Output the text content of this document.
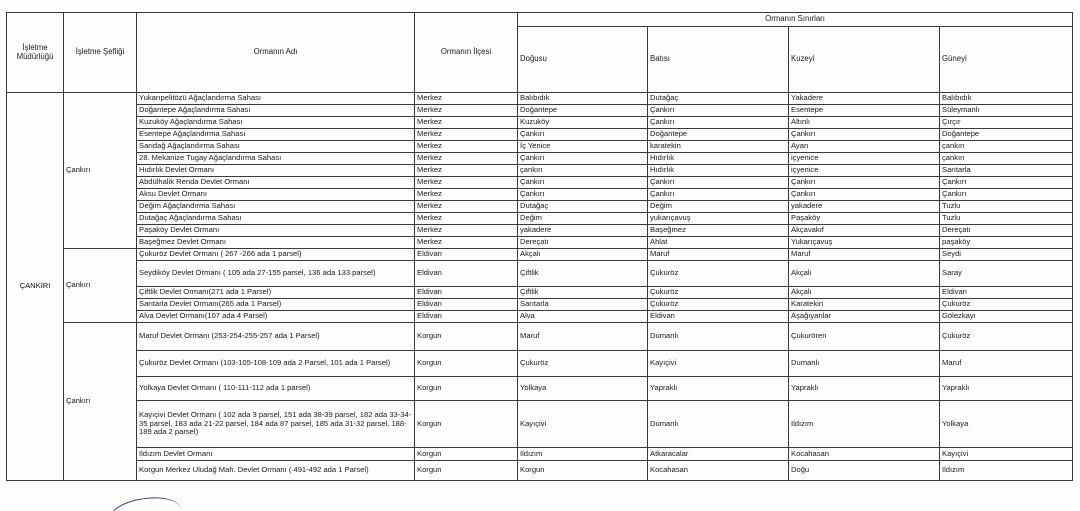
İşletme Müdürlüğü	İşletme Şefliği	Ormanın Adı	Ormanın İlçesi	Ormanın Sınırları			
				Doğusu	Batısı	Kuzeyi	Güneyi
ÇANKIRI	Çankırı	Yukarıpelitözü Ağaçlandırma Sahası	Merkez	Balıbıdık	Dutağaç	Yakadere	Balıbıdık
		Doğantepe Ağaçlandırma Sahası	Merkez	Doğantepe	Çankırı	Esentepe	Süleymanlı
		Kuzuköy Ağaçlandırma Sahası	Merkez	Kuzuköy	Çankırı	Altınlı	Çırçır
		Esentepe Ağaçlandırma Sahası	Merkez	Çankırı	Doğantepe	Çankırı	Doğantepe
		Sarıdağ Ağaçlandırma Sahası	Merkez	İç Yenice	karatekin	Ayan	çankırı
		28. Mekanize Tugay Ağaçlandırma Sahası	Merkez	Çankırı	Hıdırlık	içyenice	çankırı
		Hıdırlık Devlet Ormanı	Merkez	çankırı	Hıdırlık	içyenice	Sarıtarla
		Abdülhalik Renda Devlet Ormanı	Merkez	Çankırı	Çankırı	Çankırı	Çankırı
		Aksu Devlet Ormanı	Merkez	Çankırı	Çankırı	Çankırı	Çankırı
		Değim Ağaçlandırma Sahası	Merkez	Dutağaç	Değim	yakadere	Tuzlu
		Dutağaç Ağaçlandırma Sahası	Merkez	Değim	yukarıçavuş	Paşaköy	Tuzlu
		Paşaköy Devlet Ormanı	Merkez	yakadere	Başeğmez	Akçavakıf	Dereçatı
		Başeğmez Devlet Ormanı	Merkez	Dereçatı	Ahlat	Yukarıçavuş	paşaköy
	Çankırı	Çukuröz Devlet Ormanı ( 267 -266 ada 1 parsel)	Eldivan	Akçalı	Maruf	Maruf	Seydi
		Seydiköy Devlet Ormanı ( 105 ada 27-155 parsel, 136 ada 133 parsel)	Eldivan	Çiftlik	Çukuröz	Akçalı	Saray
		Çiftlik Devlet Ormanı(271 ada 1 Parsel)	Eldivan	Çiftlik	Çukuröz	Akçalı	Eldivan
		Sarıtarla Devlet Ormanı(265 ada 1 Parsel)	Eldivan	Sarıtarla	Çukuröz	Karatekin	Çukuröz
		Alva Devlet Ormanı(107 ada 4 Parsel)	Eldivan	Alva	Eldivan	Aşağıyanlar	Gölezkayı
	Çankırı	Maruf Devlet Ormanı (253-254-255-257 ada 1 Parsel)	Korgun	Maruf	Dumanlı	Çukurören	Çukuröz
		Çukuröz Devlet Ormanı (103-105-108-109 ada 2 Parsel, 101 ada 1 Parsel)	Korgun	Çukuröz	Kayıçivi	Dumanlı	Maruf
		Yolkaya Devlet Ormanı ( 110-111-112 ada 1 parsel)	Korgun	Yolkaya	Yapraklı	Yapraklı	Yapraklı
		Kayıçivi Devlet Ormanı ( 102 ada 3 parsel, 151 ada 38-39 parsel, 182 ada 33-34-35 parsel, 183 ada 21-22 parsel, 184 ada 87 parsel, 185 ada 31-32 parsel, 188-189 ada 2 parsel)	Korgun	Kayıçivi	Dumanlı	Ildızım	Yolkaya
		Ildızım Devlet Ormanı	Korgun	Ildızım	Atkaracalar	Kocahasan	Kayıçivi
		Korgun Merkez Uludağ Mah. Devlet Ormanı ( 491-492 ada 1 Parsel)	Korgun	Korgun	Kocahasan	Doğu	Ildızım
